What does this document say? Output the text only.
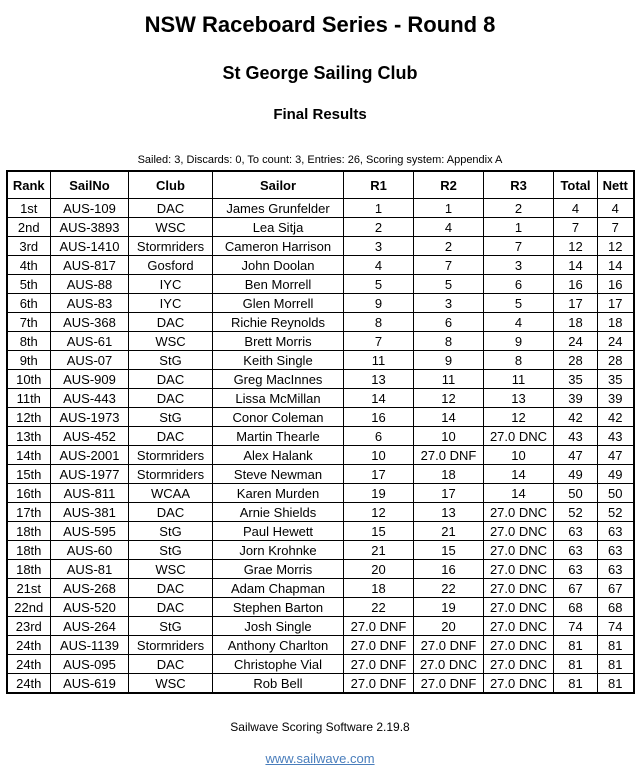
NSW Raceboard Series - Round 8
St George Sailing Club
Final Results

Sailed: 3, Discards: 0, To count: 3, Entries: 26, Scoring system: Appendix A

Rank	SailNo	Club	Sailor	R1	R2	R3	Total	Nett
1st	AUS-109	DAC	James Grunfelder	1	1	2	4	4
2nd	AUS-3893	WSC	Lea Sitja	2	4	1	7	7
3rd	AUS-1410	Stormriders	Cameron Harrison	3	2	7	12	12
4th	AUS-817	Gosford	John Doolan	4	7	3	14	14
5th	AUS-88	IYC	Ben Morrell	5	5	6	16	16
6th	AUS-83	IYC	Glen Morrell	9	3	5	17	17
7th	AUS-368	DAC	Richie Reynolds	8	6	4	18	18
8th	AUS-61	WSC	Brett Morris	7	8	9	24	24
9th	AUS-07	StG	Keith Single	11	9	8	28	28
10th	AUS-909	DAC	Greg MacInnes	13	11	11	35	35
11th	AUS-443	DAC	Lissa McMillan	14	12	13	39	39
12th	AUS-1973	StG	Conor Coleman	16	14	12	42	42
13th	AUS-452	DAC	Martin Thearle	6	10	27.0 DNC	43	43
14th	AUS-2001	Stormriders	Alex Halank	10	27.0 DNF	10	47	47
15th	AUS-1977	Stormriders	Steve Newman	17	18	14	49	49
16th	AUS-811	WCAA	Karen Murden	19	17	14	50	50
17th	AUS-381	DAC	Arnie Shields	12	13	27.0 DNC	52	52
18th	AUS-595	StG	Paul Hewett	15	21	27.0 DNC	63	63
18th	AUS-60	StG	Jorn Krohnke	21	15	27.0 DNC	63	63
18th	AUS-81	WSC	Grae Morris	20	16	27.0 DNC	63	63
21st	AUS-268	DAC	Adam Chapman	18	22	27.0 DNC	67	67
22nd	AUS-520	DAC	Stephen Barton	22	19	27.0 DNC	68	68
23rd	AUS-264	StG	Josh Single	27.0 DNF	20	27.0 DNC	74	74
24th	AUS-1139	Stormriders	Anthony Charlton	27.0 DNF	27.0 DNF	27.0 DNC	81	81
24th	AUS-095	DAC	Christophe Vial	27.0 DNF	27.0 DNC	27.0 DNC	81	81
24th	AUS-619	WSC	Rob Bell	27.0 DNF	27.0 DNF	27.0 DNC	81	81

Sailwave Scoring Software 2.19.8

www.sailwave.com
